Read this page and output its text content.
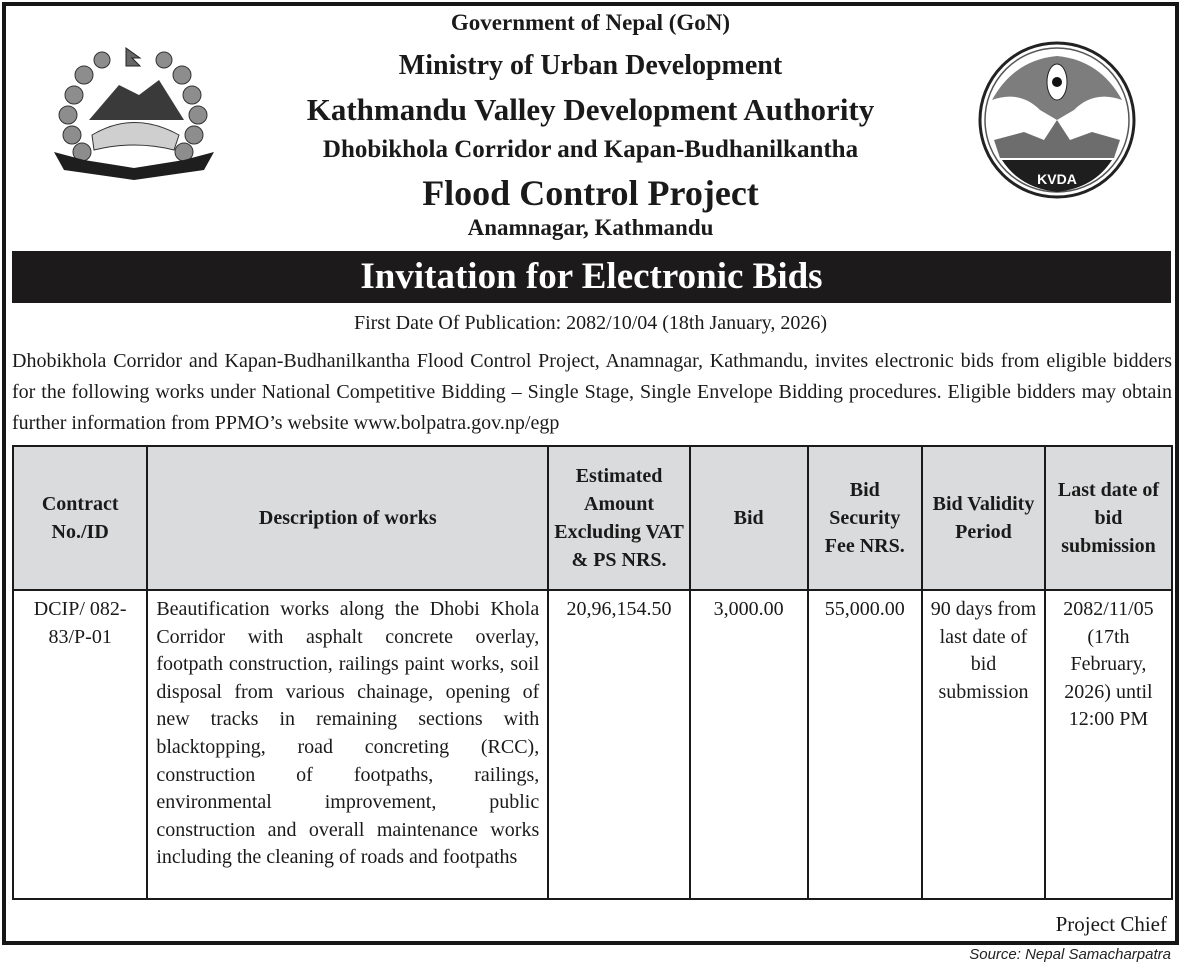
Government of Nepal (GoN)
Ministry of Urban Development
Kathmandu Valley Development Authority
Dhobikhola Corridor and Kapan-Budhanilkantha
Flood Control Project
Anamnagar, Kathmandu
KVDA
Invitation for Electronic Bids
First Date Of Publication: 2082/10/04 (18th January, 2026)
Dhobikhola Corridor and Kapan-Budhanilkantha Flood Control Project, Anamnagar, Kathmandu, invites electronic bids from eligible bidders for the following works under National Competitive Bidding – Single Stage, Single Envelope Bidding procedures. Eligible bidders may obtain further information from PPMO’s website www.bolpatra.gov.np/egp
Contract No./ID	Description of works	Estimated Amount Excluding VAT & PS NRS.	Bid	Bid Security Fee NRS.	Bid Validity Period	Last date of bid submission
DCIP/ 082-83/P-01	Beautification works along the Dhobi Khola Corridor with asphalt concrete overlay, footpath construction, railings paint works, soil disposal from various chainage, opening of new tracks in remaining sections with blacktopping, road concreting (RCC), construction of footpaths, railings, environmental improvement, public construction and overall maintenance works including the cleaning of roads and footpaths	20,96,154.50	3,000.00	55,000.00	90 days from last date of bid submission	2082/11/05 (17th February, 2026) until 12:00 PM
Project Chief
Source: Nepal Samacharpatra
